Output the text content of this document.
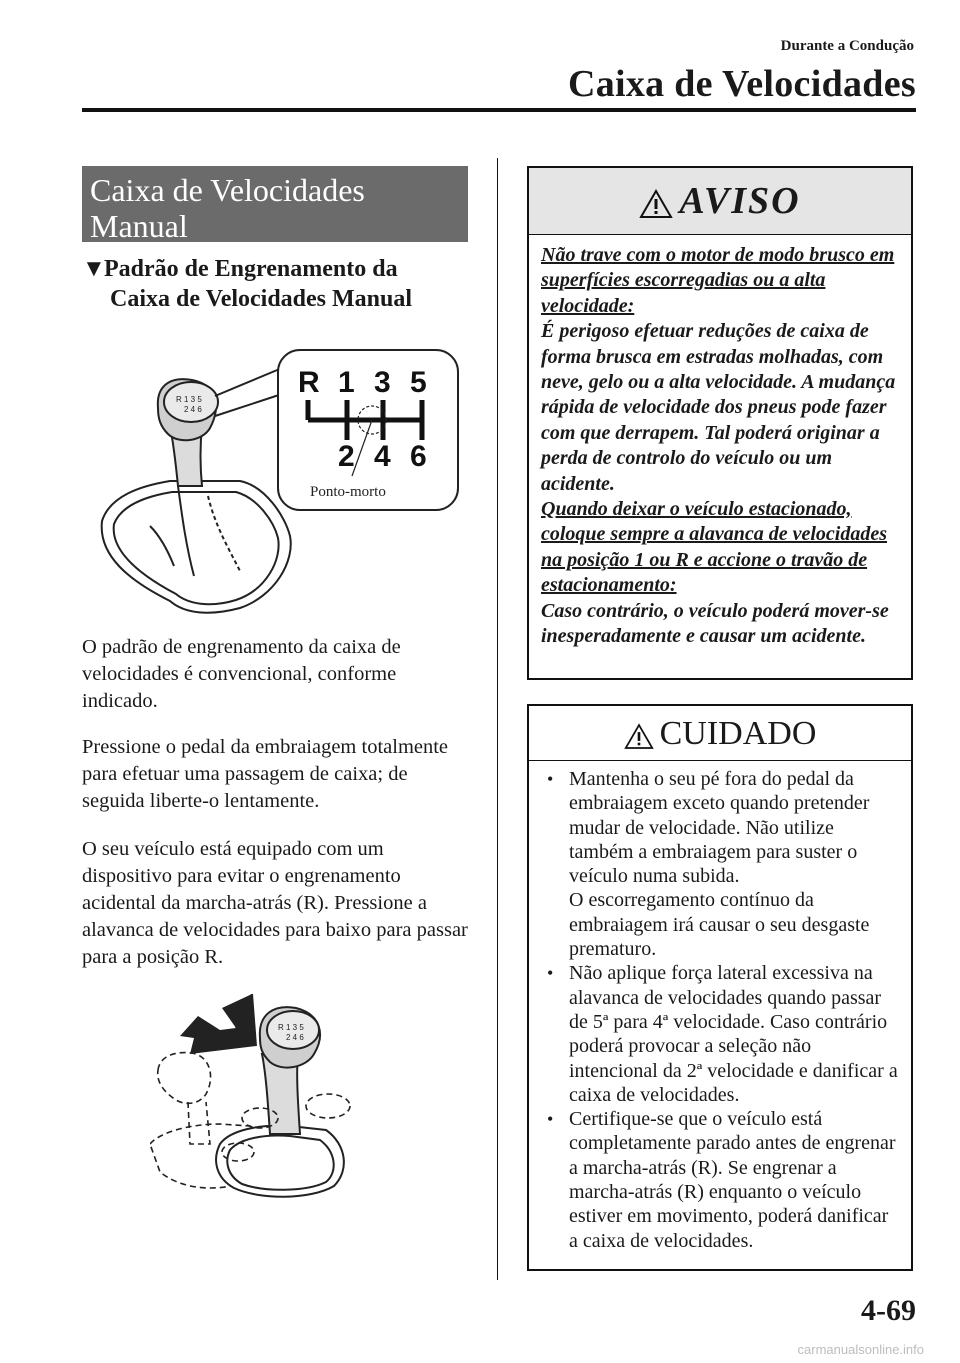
Durante a Condução
Caixa de Velocidades
Caixa de Velocidades
Manual
▼Padrão de Engrenamento da
Caixa de Velocidades Manual
R 1 3 5
2 4 6
R 1 3 5
2 4 6
Ponto-morto

O padrão de engrenamento da caixa de velocidades é convencional, conforme indicado.

Pressione o pedal da embraiagem totalmente para efetuar uma passagem de caixa; de seguida liberte-o lentamente.

O seu veículo está equipado com um dispositivo para evitar o engrenamento acidental da marcha-atrás (R). Pressione a alavanca de velocidades para baixo para passar para a posição R.

R 1 3 5
2 4 6
AVISO
Não trave com o motor de modo brusco em superfícies escorregadias ou a alta velocidade:
É perigoso efetuar reduções de caixa de forma brusca em estradas molhadas, com neve, gelo ou a alta velocidade. A mudança rápida de velocidade dos pneus pode fazer com que derrapem. Tal poderá originar a perda de controlo do veículo ou um acidente.
Quando deixar o veículo estacionado, coloque sempre a alavanca de velocidades na posição 1 ou R e accione o travão de estacionamento:
Caso contrário, o veículo poderá mover-se inesperadamente e causar um acidente.
CUIDADO
• Mantenha o seu pé fora do pedal da embraiagem exceto quando pretender mudar de velocidade. Não utilize também a embraiagem para suster o veículo numa subida.
O escorregamento contínuo da embraiagem irá causar o seu desgaste prematuro.
• Não aplique força lateral excessiva na alavanca de velocidades quando passar de 5ª para 4ª velocidade. Caso contrário poderá provocar a seleção não intencional da 2ª velocidade e danificar a caixa de velocidades.
• Certifique-se que o veículo está completamente parado antes de engrenar a marcha-atrás (R). Se engrenar a marcha-atrás (R) enquanto o veículo estiver em movimento, poderá danificar a caixa de velocidades.
4-69
carmanualsonline.info
